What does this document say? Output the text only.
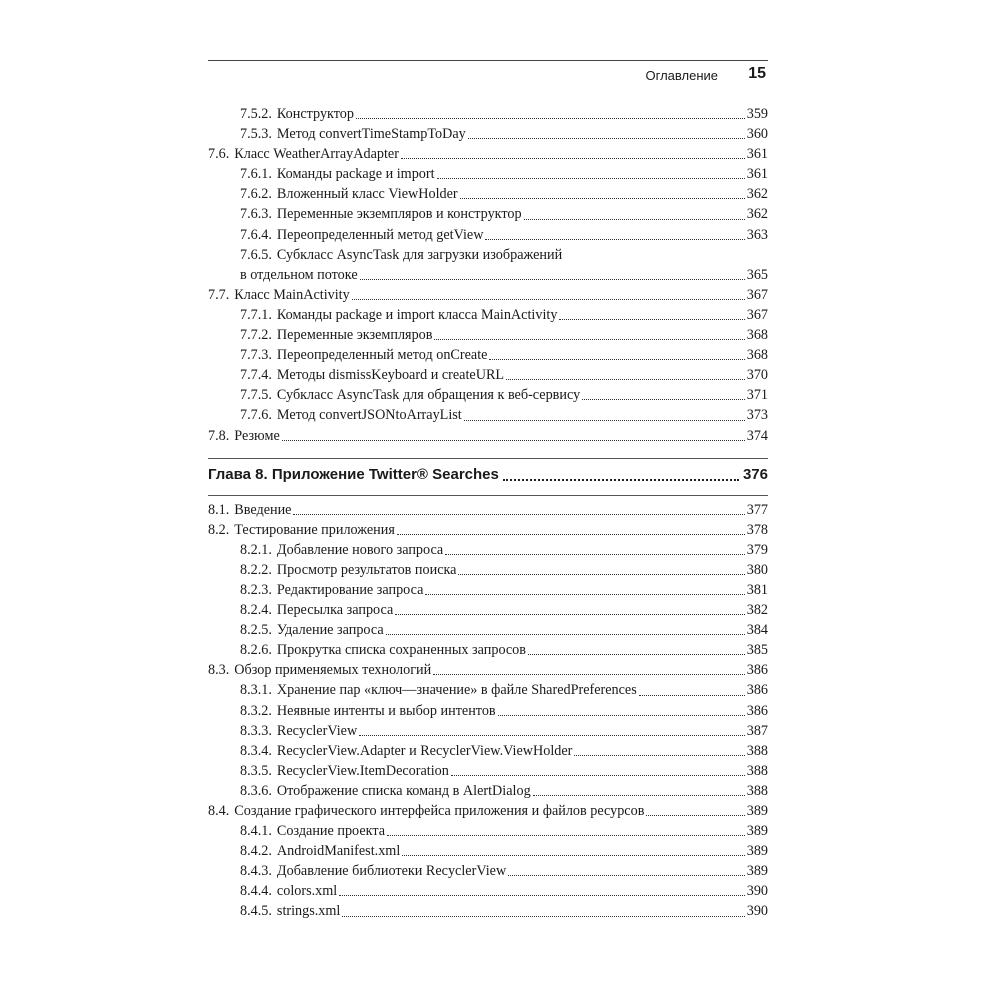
Оглавление 15
7.5.2. Конструктор	359
7.5.3. Метод convertTimeStampToDay	360
7.6. Класс WeatherArrayAdapter	361
7.6.1. Команды package и import	361
7.6.2. Вложенный класс ViewHolder	362
7.6.3. Переменные экземпляров и конструктор	362
7.6.4. Переопределенный метод getView	363
7.6.5. Субкласс AsyncTask для загрузки изображений
в отдельном потоке	365
7.7. Класс MainActivity	367
7.7.1. Команды package и import класса MainActivity	367
7.7.2. Переменные экземпляров	368
7.7.3. Переопределенный метод onCreate	368
7.7.4. Методы dismissKeyboard и createURL	370
7.7.5. Субкласс AsyncTask для обращения к веб-сервису	371
7.7.6. Метод convertJSONtoArrayList	373
7.8. Резюме	374
Глава 8. Приложение Twitter® Searches	376
8.1. Введение	377
8.2. Тестирование приложения	378
8.2.1. Добавление нового запроса	379
8.2.2. Просмотр результатов поиска	380
8.2.3. Редактирование запроса	381
8.2.4. Пересылка запроса	382
8.2.5. Удаление запроса	384
8.2.6. Прокрутка списка сохраненных запросов	385
8.3. Обзор применяемых технологий	386
8.3.1. Хранение пар «ключ—значение» в файле SharedPreferences	386
8.3.2. Неявные интенты и выбор интентов	386
8.3.3. RecyclerView	387
8.3.4. RecyclerView.Adapter и RecyclerView.ViewHolder	388
8.3.5. RecyclerView.ItemDecoration	388
8.3.6. Отображение списка команд в AlertDialog	388
8.4. Создание графического интерфейса приложения и файлов ресурсов	389
8.4.1. Создание проекта	389
8.4.2. AndroidManifest.xml	389
8.4.3. Добавление библиотеки RecyclerView	389
8.4.4. colors.xml	390
8.4.5. strings.xml	390
